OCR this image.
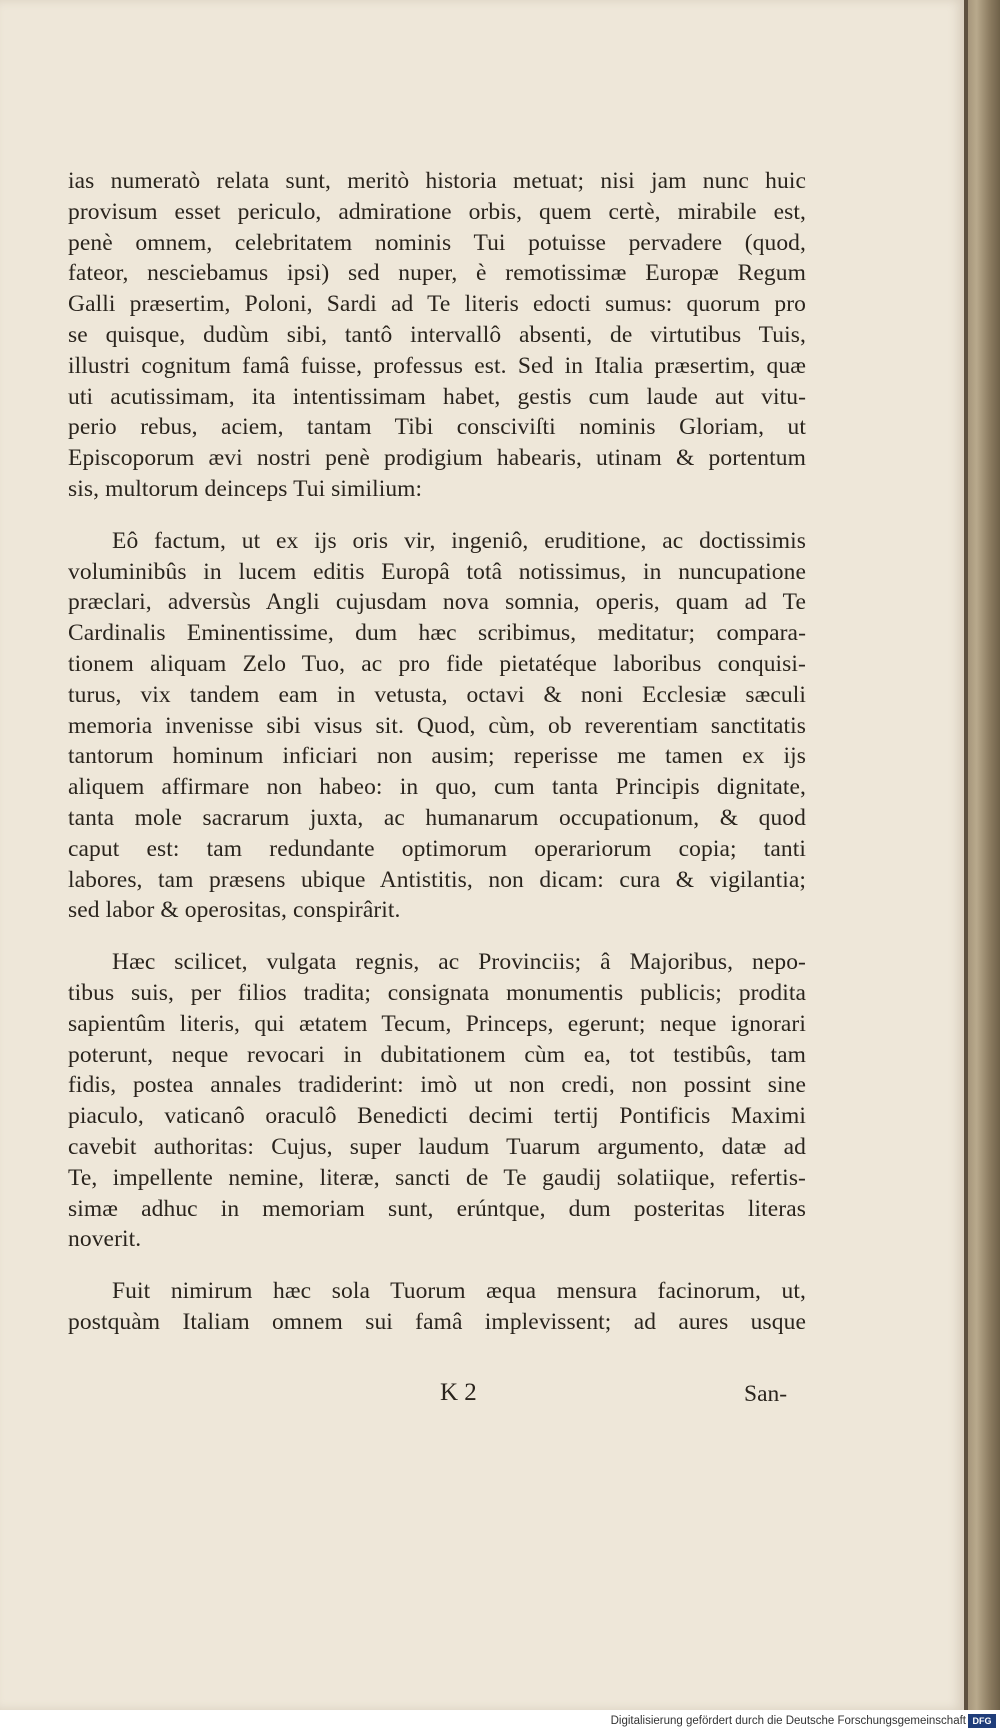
ias numeratò relata sunt, meritò historia metuat; nisi jam nunc huic
provisum esset periculo, admiratione orbis, quem certè, mirabile est,
penè omnem, celebritatem nominis Tui potuisse pervadere (quod,
fateor, nesciebamus ipsi) sed nuper, è remotissimæ Europæ Regum
Galli præsertim, Poloni, Sardi ad Te literis edocti sumus: quorum pro
se quisque, dudùm sibi, tantô intervallô absenti, de virtutibus Tuis,
illustri cognitum famâ fuisse, professus est. Sed in Italia præsertim, quæ
uti acutissimam, ita intentissimam habet, gestis cum laude aut vitu-
perio rebus, aciem, tantam Tibi consciviſti nominis Gloriam, ut
Episcoporum ævi nostri penè prodigium habearis, utinam & portentum
sis, multorum deinceps Tui similium:
Eô factum, ut ex ijs oris vir, ingeniô, eruditione, ac doctissimis
voluminibûs in lucem editis Europâ totâ notissimus, in nuncupatione
præclari, adversùs Angli cujusdam nova somnia, operis, quam ad Te
Cardinalis Eminentissime, dum hæc scribimus, meditatur; compara-
tionem aliquam Zelo Tuo, ac pro fide pietatéque laboribus conquisi-
turus, vix tandem eam in vetusta, octavi & noni Ecclesiæ sæculi
memoria invenisse sibi visus sit. Quod, cùm, ob reverentiam sanctitatis
tantorum hominum inficiari non ausim; reperisse me tamen ex ijs
aliquem affirmare non habeo: in quo, cum tanta Principis dignitate,
tanta mole sacrarum juxta, ac humanarum occupationum, & quod
caput est: tam redundante optimorum operariorum copia; tanti
labores, tam præsens ubique Antistitis, non dicam: cura & vigilantia;
sed labor & operositas, conspirârit.
Hæc scilicet, vulgata regnis, ac Provinciis; â Majoribus, nepo-
tibus suis, per filios tradita; consignata monumentis publicis; prodita
sapientûm literis, qui ætatem Tecum, Princeps, egerunt; neque ignorari
poterunt, neque revocari in dubitationem cùm ea, tot testibûs, tam
fidis, postea annales tradiderint: imò ut non credi, non possint sine
piaculo, vaticanô oraculô Benedicti decimi tertij Pontificis Maximi
cavebit authoritas: Cujus, super laudum Tuarum argumento, datæ ad
Te, impellente nemine, literæ, sancti de Te gaudij solatiique, refertis-
simæ adhuc in memoriam sunt, erúntque, dum posteritas literas
noverit.
Fuit nimirum hæc sola Tuorum æqua mensura facinorum, ut,
postquàm Italiam omnem sui famâ implevissent; ad aures usque
K 2	San-
Digitalisierung gefördert durch die Deutsche Forschungsgemeinschaft DFG
